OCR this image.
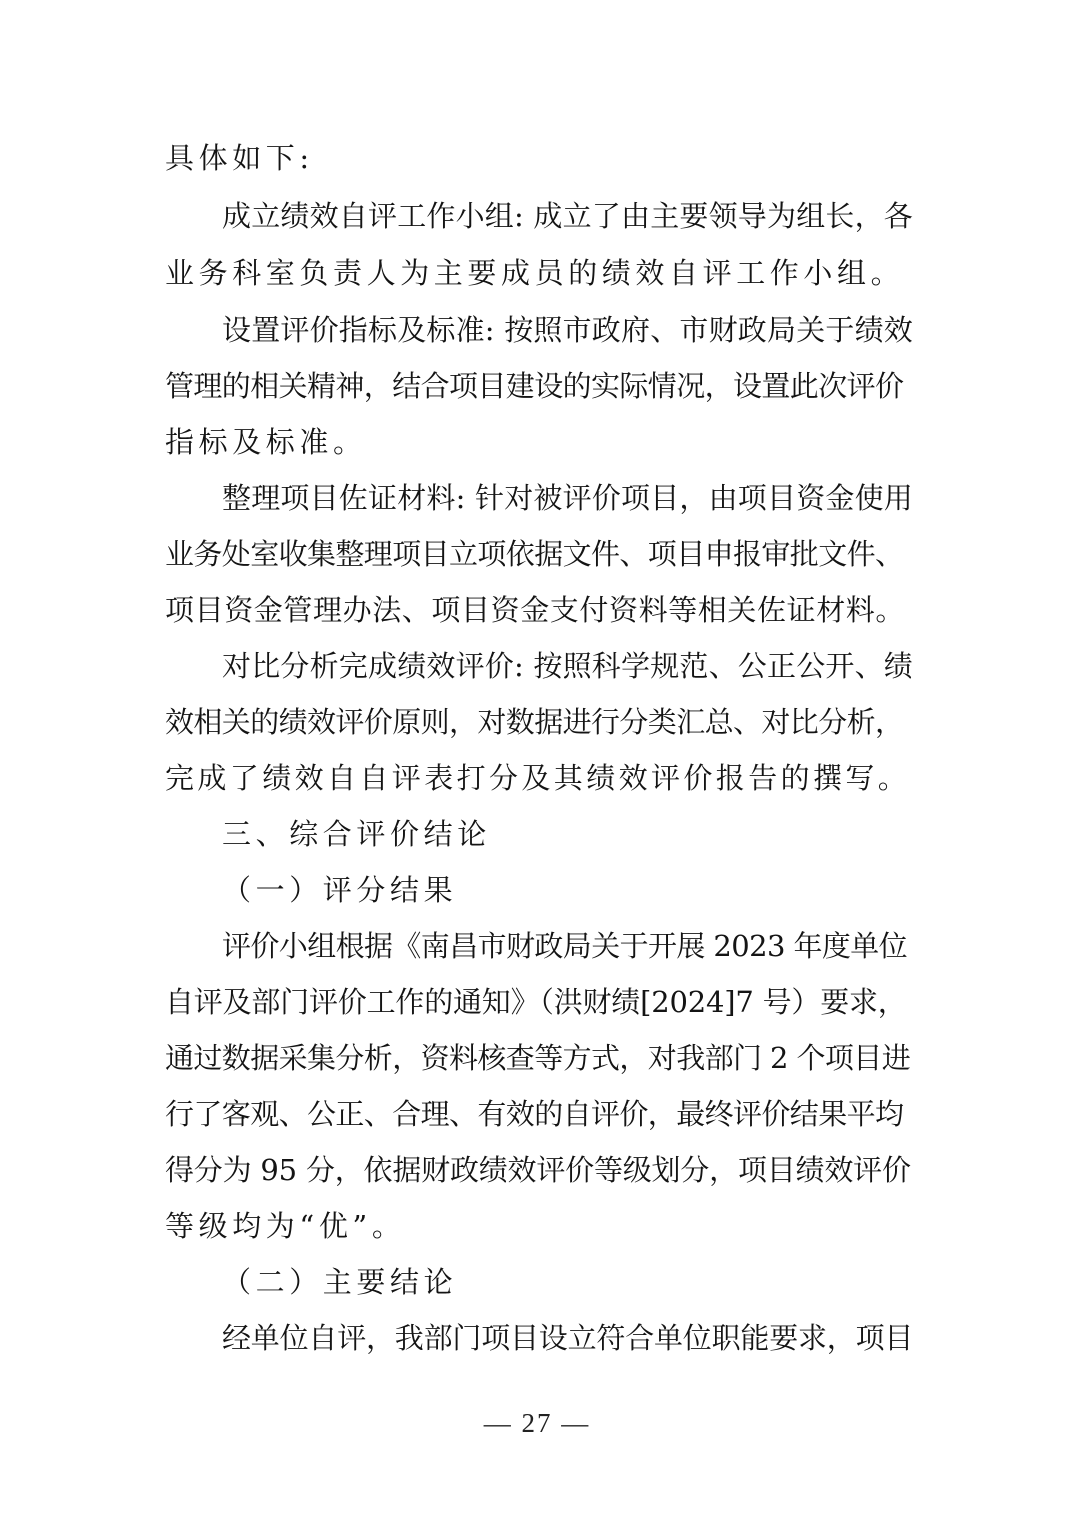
具体如下:
成立绩效自评工作小组: 成立了由主要领导为组长，各
业务科室负责人为主要成员的绩效自评工作小组。
设置评价指标及标准: 按照市政府、市财政局关于绩效
管理的相关精神，结合项目建设的实际情况，设置此次评价
指标及标准。
整理项目佐证材料: 针对被评价项目，由项目资金使用
业务处室收集整理项目立项依据文件、项目申报审批文件、
项目资金管理办法、项目资金支付资料等相关佐证材料。
对比分析完成绩效评价: 按照科学规范、公正公开、绩
效相关的绩效评价原则，对数据进行分类汇总、对比分析，
完成了绩效自自评表打分及其绩效评价报告的撰写。
三、综合评价结论
（一）评分结果
评价小组根据《南昌市财政局关于开展 2023 年度单位
自评及部门评价工作的通知》（洪财绩[2024]7 号）要求，
通过数据采集分析，资料核查等方式，对我部门 2 个项目进
行了客观、公正、合理、有效的自评价，最终评价结果平均
得分为 95 分，依据财政绩效评价等级划分，项目绩效评价
等级均为“优”。
（二）主要结论
经单位自评，我部门项目设立符合单位职能要求，项目
— 27 —
